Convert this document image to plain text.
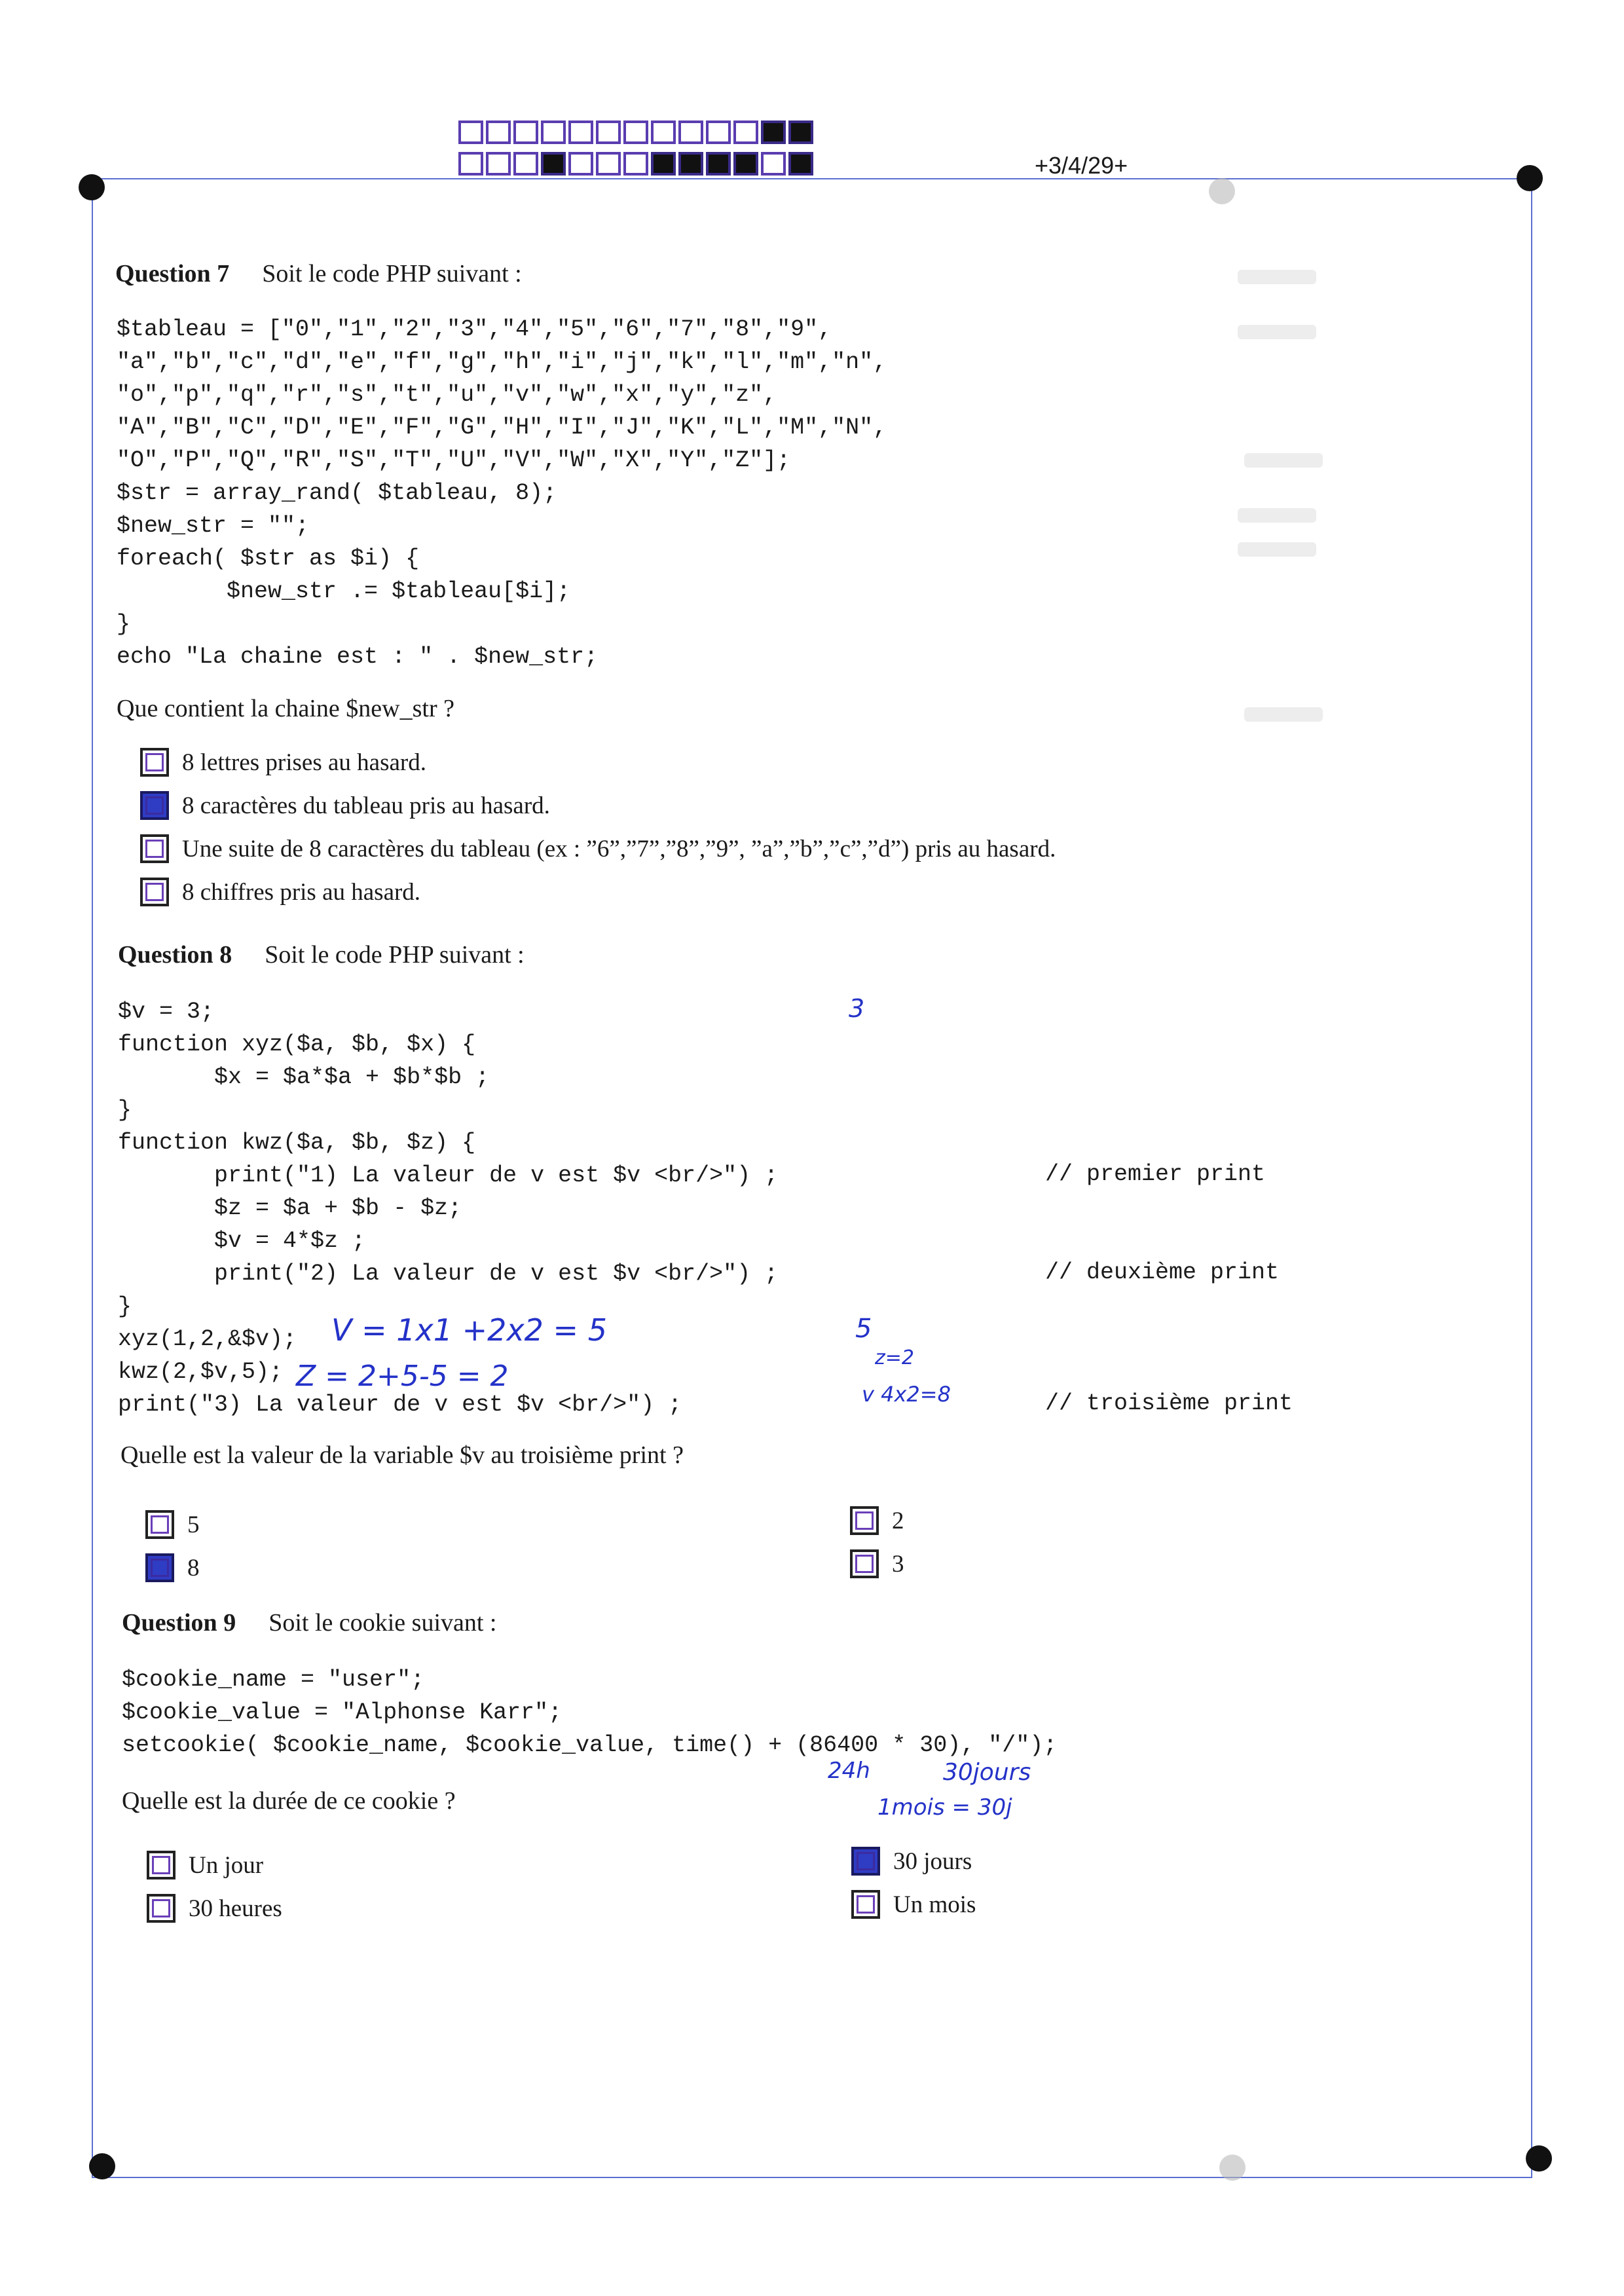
+3/4/29+
Question 7 Soit le code PHP suivant :
$tableau = ["0","1","2","3","4","5","6","7","8","9",
"a","b","c","d","e","f","g","h","i","j","k","l","m","n",
"o","p","q","r","s","t","u","v","w","x","y","z",
"A","B","C","D","E","F","G","H","I","J","K","L","M","N",
"O","P","Q","R","S","T","U","V","W","X","Y","Z"];
$str = array_rand( $tableau, 8);
$new_str = "";
foreach( $str as $i) {
$new_str .= $tableau[$i];
}
echo "La chaine est : " . $new_str;
Que contient la chaine $new_str ?
8 lettres prises au hasard.
8 caractères du tableau pris au hasard.
Une suite de 8 caractères du tableau (ex : ”6”,”7”,”8”,”9”, ”a”,”b”,”c”,”d”) pris au hasard.
8 chiffres pris au hasard.
Question 8 Soit le code PHP suivant :
$v = 3;
function xyz($a, $b, $x) {
$x = $a*$a + $b*$b ;
}
function kwz($a, $b, $z) {
print("1) La valeur de v est $v <br/>") ;
$z = $a + $b - $z;
$v = 4*$z ;
print("2) La valeur de v est $v <br/>") ;
}
xyz(1,2,&$v);
kwz(2,$v,5);
print("3) La valeur de v est $v <br/>") ;
// premier print
// deuxième print
// troisième print
3
V = 1x1 +2x2 = 5
Z = 2+5-5 = 2
5
z=2
v 4x2=8
Quelle est la valeur de la variable $v au troisième print ?
5
8
2
3
Question 9 Soit le cookie suivant :
$cookie_name = "user";
$cookie_value = "Alphonse Karr";
setcookie( $cookie_name, $cookie_value, time() + (86400 * 30), "/");
24h	30jours
1mois = 30j
Quelle est la durée de ce cookie ?
Un jour
30 heures
30 jours
Un mois
